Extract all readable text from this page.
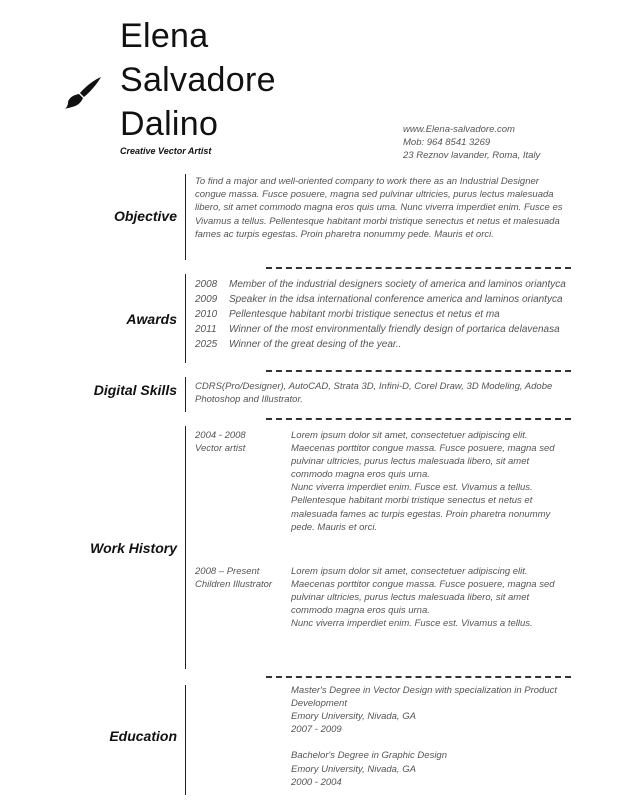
Elena
Salvadore
Dalino
Creative Vector Artist
www.Elena-salvadore.com
Mob: 964 8541 3269
23 Reznov lavander, Roma, Italy
Objective
To find a major and well-oriented company to work there as an Industrial Designer
congue massa. Fusce posuere, magna sed pulvinar ultricies, purus lectus malesuada
libero, sit amet commodo magna eros quis uma. Nunc viverra imperdiet enim. Fusce es
Vivamus a tellus. Pellentesque habitant morbi tristique senectus et netus et malesuada
fames ac turpis egestas. Proin pharetra nonummy pede. Mauris et orci.
Awards
2008 Member of the industrial designers society of america and laminos oriantyca
2009 Speaker in the idsa international conference america and laminos oriantyca
2010 Pellentesque habitant morbi tristique senectus et netus et ma
2011 Winner of the most environmentally friendly design of portarica delavenasa
2025 Winner of the great desing of the year..
Digital Skills CDRS(Pro/Designer), AutoCAD, Strata 3D, Infini-D, Corel Draw, 3D Modeling, Adobe
Photoshop and Illustrator.
Work History
2004 - 2008
Vector artist
Lorem ipsum dolor sit amet, consectetuer adipiscing elit.
Maecenas porttitor congue massa. Fusce posuere, magna sed
pulvinar ultricies, purus lectus malesuada libero, sit amet
commodo magna eros quis urna.
Nunc viverra imperdiet enim. Fusce est. Vivamus a tellus.
Pellentesque habitant morbi tristique senectus et netus et
malesuada fames ac turpis egestas. Proin pharetra nonummy
pede. Mauris et orci.
2008 – Present
Children Illustrator
Lorem ipsum dolor sit amet, consectetuer adipiscing elit.
Maecenas porttitor congue massa. Fusce posuere, magna sed
pulvinar ultricies, purus lectus malesuada libero, sit amet
commodo magna eros quis urna.
Nunc viverra imperdiet enim. Fusce est. Vivamus a tellus.
Education
Master's Degree in Vector Design with specialization in Product
Development
Emory University, Nivada, GA
2007 - 2009
Bachelor's Degree in Graphic Design
Emory University, Nivada, GA
2000 - 2004
